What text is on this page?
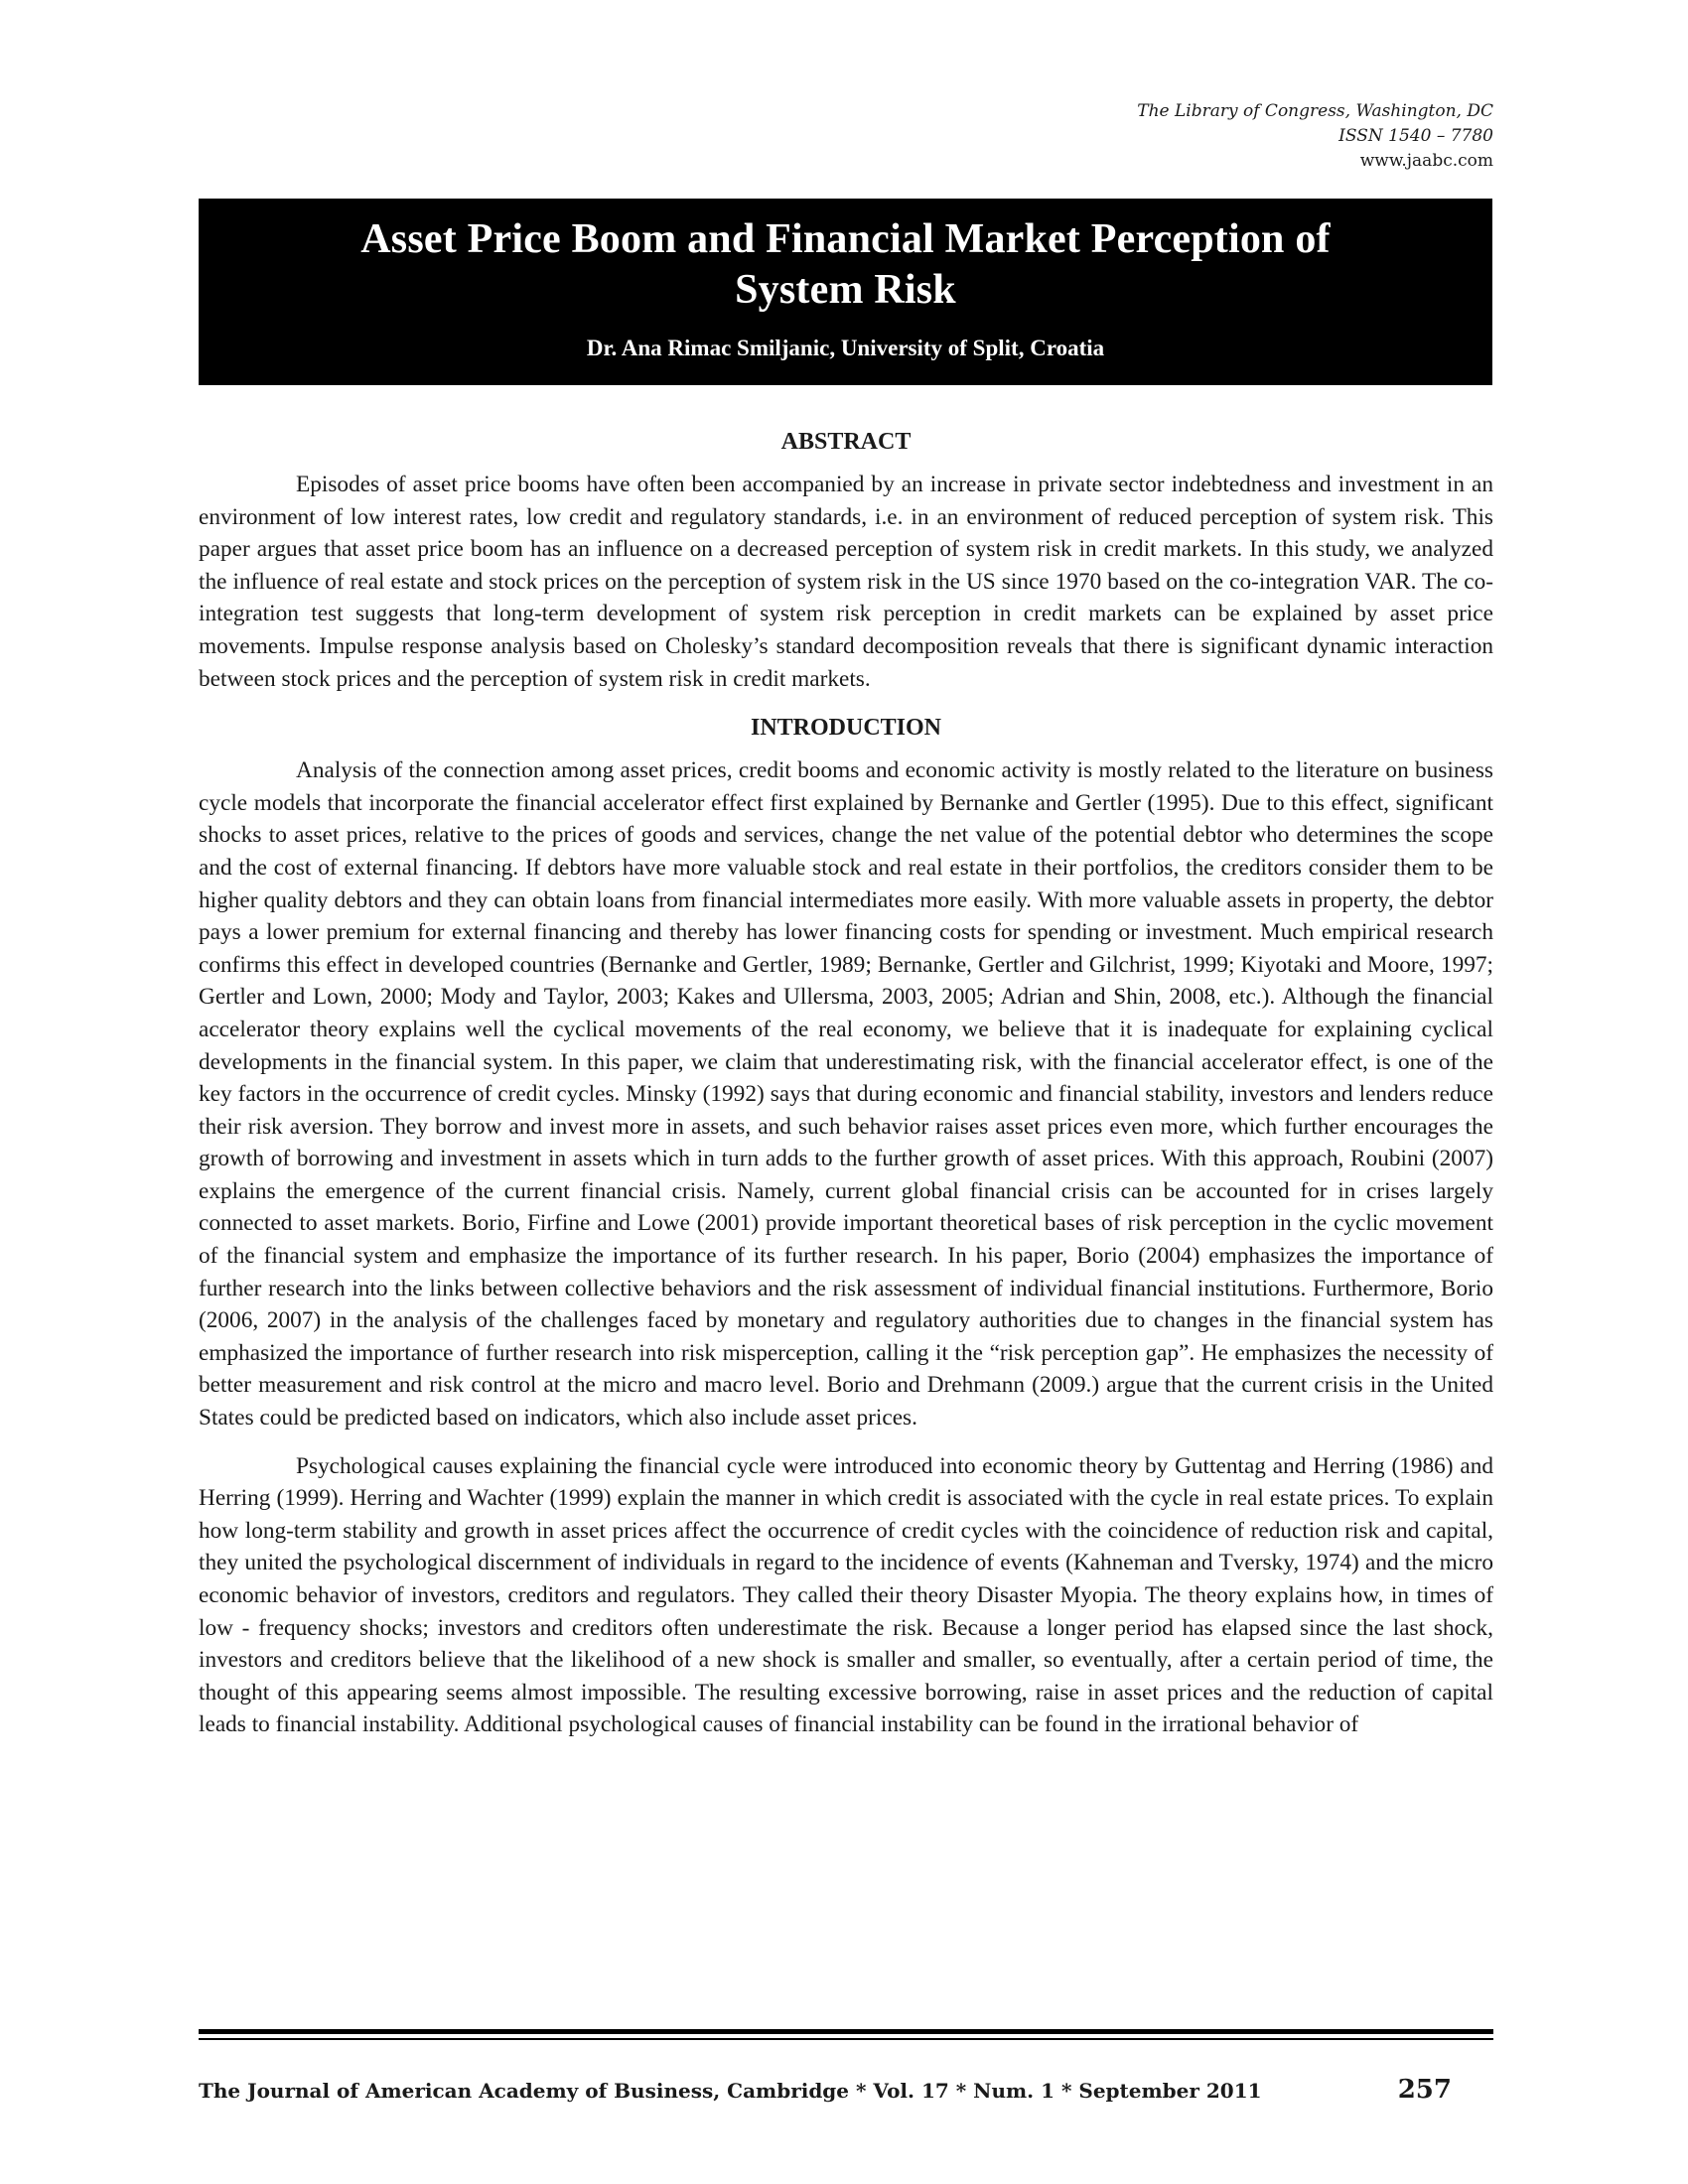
The Library of Congress, Washington, DC
ISSN 1540 – 7780
www.jaabc.com
Asset Price Boom and Financial Market Perception of System Risk
Dr. Ana Rimac Smiljanic, University of Split, Croatia
ABSTRACT

Episodes of asset price booms have often been accompanied by an increase in private sector indebtedness and investment in an environment of low interest rates, low credit and regulatory standards, i.e. in an environment of reduced perception of system risk. This paper argues that asset price boom has an influence on a decreased perception of system risk in credit markets. In this study, we analyzed the influence of real estate and stock prices on the perception of system risk in the US since 1970 based on the co-integration VAR. The co-integration test suggests that long-term development of system risk perception in credit markets can be explained by asset price movements. Impulse response analysis based on Cholesky’s standard decomposition reveals that there is significant dynamic interaction between stock prices and the perception of system risk in credit markets.

INTRODUCTION

Analysis of the connection among asset prices, credit booms and economic activity is mostly related to the literature on business cycle models that incorporate the financial accelerator effect first explained by Bernanke and Gertler (1995). Due to this effect, significant shocks to asset prices, relative to the prices of goods and services, change the net value of the potential debtor who determines the scope and the cost of external financing. If debtors have more valuable stock and real estate in their portfolios, the creditors consider them to be higher quality debtors and they can obtain loans from financial intermediates more easily. With more valuable assets in property, the debtor pays a lower premium for external financing and thereby has lower financing costs for spending or investment. Much empirical research confirms this effect in developed countries (Bernanke and Gertler, 1989; Bernanke, Gertler and Gilchrist, 1999; Kiyotaki and Moore, 1997; Gertler and Lown, 2000; Mody and Taylor, 2003; Kakes and Ullersma, 2003, 2005; Adrian and Shin, 2008, etc.). Although the financial accelerator theory explains well the cyclical movements of the real economy, we believe that it is inadequate for explaining cyclical developments in the financial system. In this paper, we claim that underestimating risk, with the financial accelerator effect, is one of the key factors in the occurrence of credit cycles. Minsky (1992) says that during economic and financial stability, investors and lenders reduce their risk aversion. They borrow and invest more in assets, and such behavior raises asset prices even more, which further encourages the growth of borrowing and investment in assets which in turn adds to the further growth of asset prices. With this approach, Roubini (2007) explains the emergence of the current financial crisis. Namely, current global financial crisis can be accounted for in crises largely connected to asset markets. Borio, Firfine and Lowe (2001) provide important theoretical bases of risk perception in the cyclic movement of the financial system and emphasize the importance of its further research. In his paper, Borio (2004) emphasizes the importance of further research into the links between collective behaviors and the risk assessment of individual financial institutions. Furthermore, Borio (2006, 2007) in the analysis of the challenges faced by monetary and regulatory authorities due to changes in the financial system has emphasized the importance of further research into risk misperception, calling it the “risk perception gap”. He emphasizes the necessity of better measurement and risk control at the micro and macro level. Borio and Drehmann (2009.) argue that the current crisis in the United States could be predicted based on indicators, which also include asset prices.

Psychological causes explaining the financial cycle were introduced into economic theory by Guttentag and Herring (1986) and Herring (1999). Herring and Wachter (1999) explain the manner in which credit is associated with the cycle in real estate prices. To explain how long-term stability and growth in asset prices affect the occurrence of credit cycles with the coincidence of reduction risk and capital, they united the psychological discernment of individuals in regard to the incidence of events (Kahneman and Tversky, 1974) and the micro economic behavior of investors, creditors and regulators. They called their theory Disaster Myopia. The theory explains how, in times of low - frequency shocks; investors and creditors often underestimate the risk. Because a longer period has elapsed since the last shock, investors and creditors believe that the likelihood of a new shock is smaller and smaller, so eventually, after a certain period of time, the thought of this appearing seems almost impossible. The resulting excessive borrowing, raise in asset prices and the reduction of capital leads to financial instability. Additional psychological causes of financial instability can be found in the irrational behavior of

The Journal of American Academy of Business, Cambridge * Vol. 17 * Num. 1 * September 2011	257
